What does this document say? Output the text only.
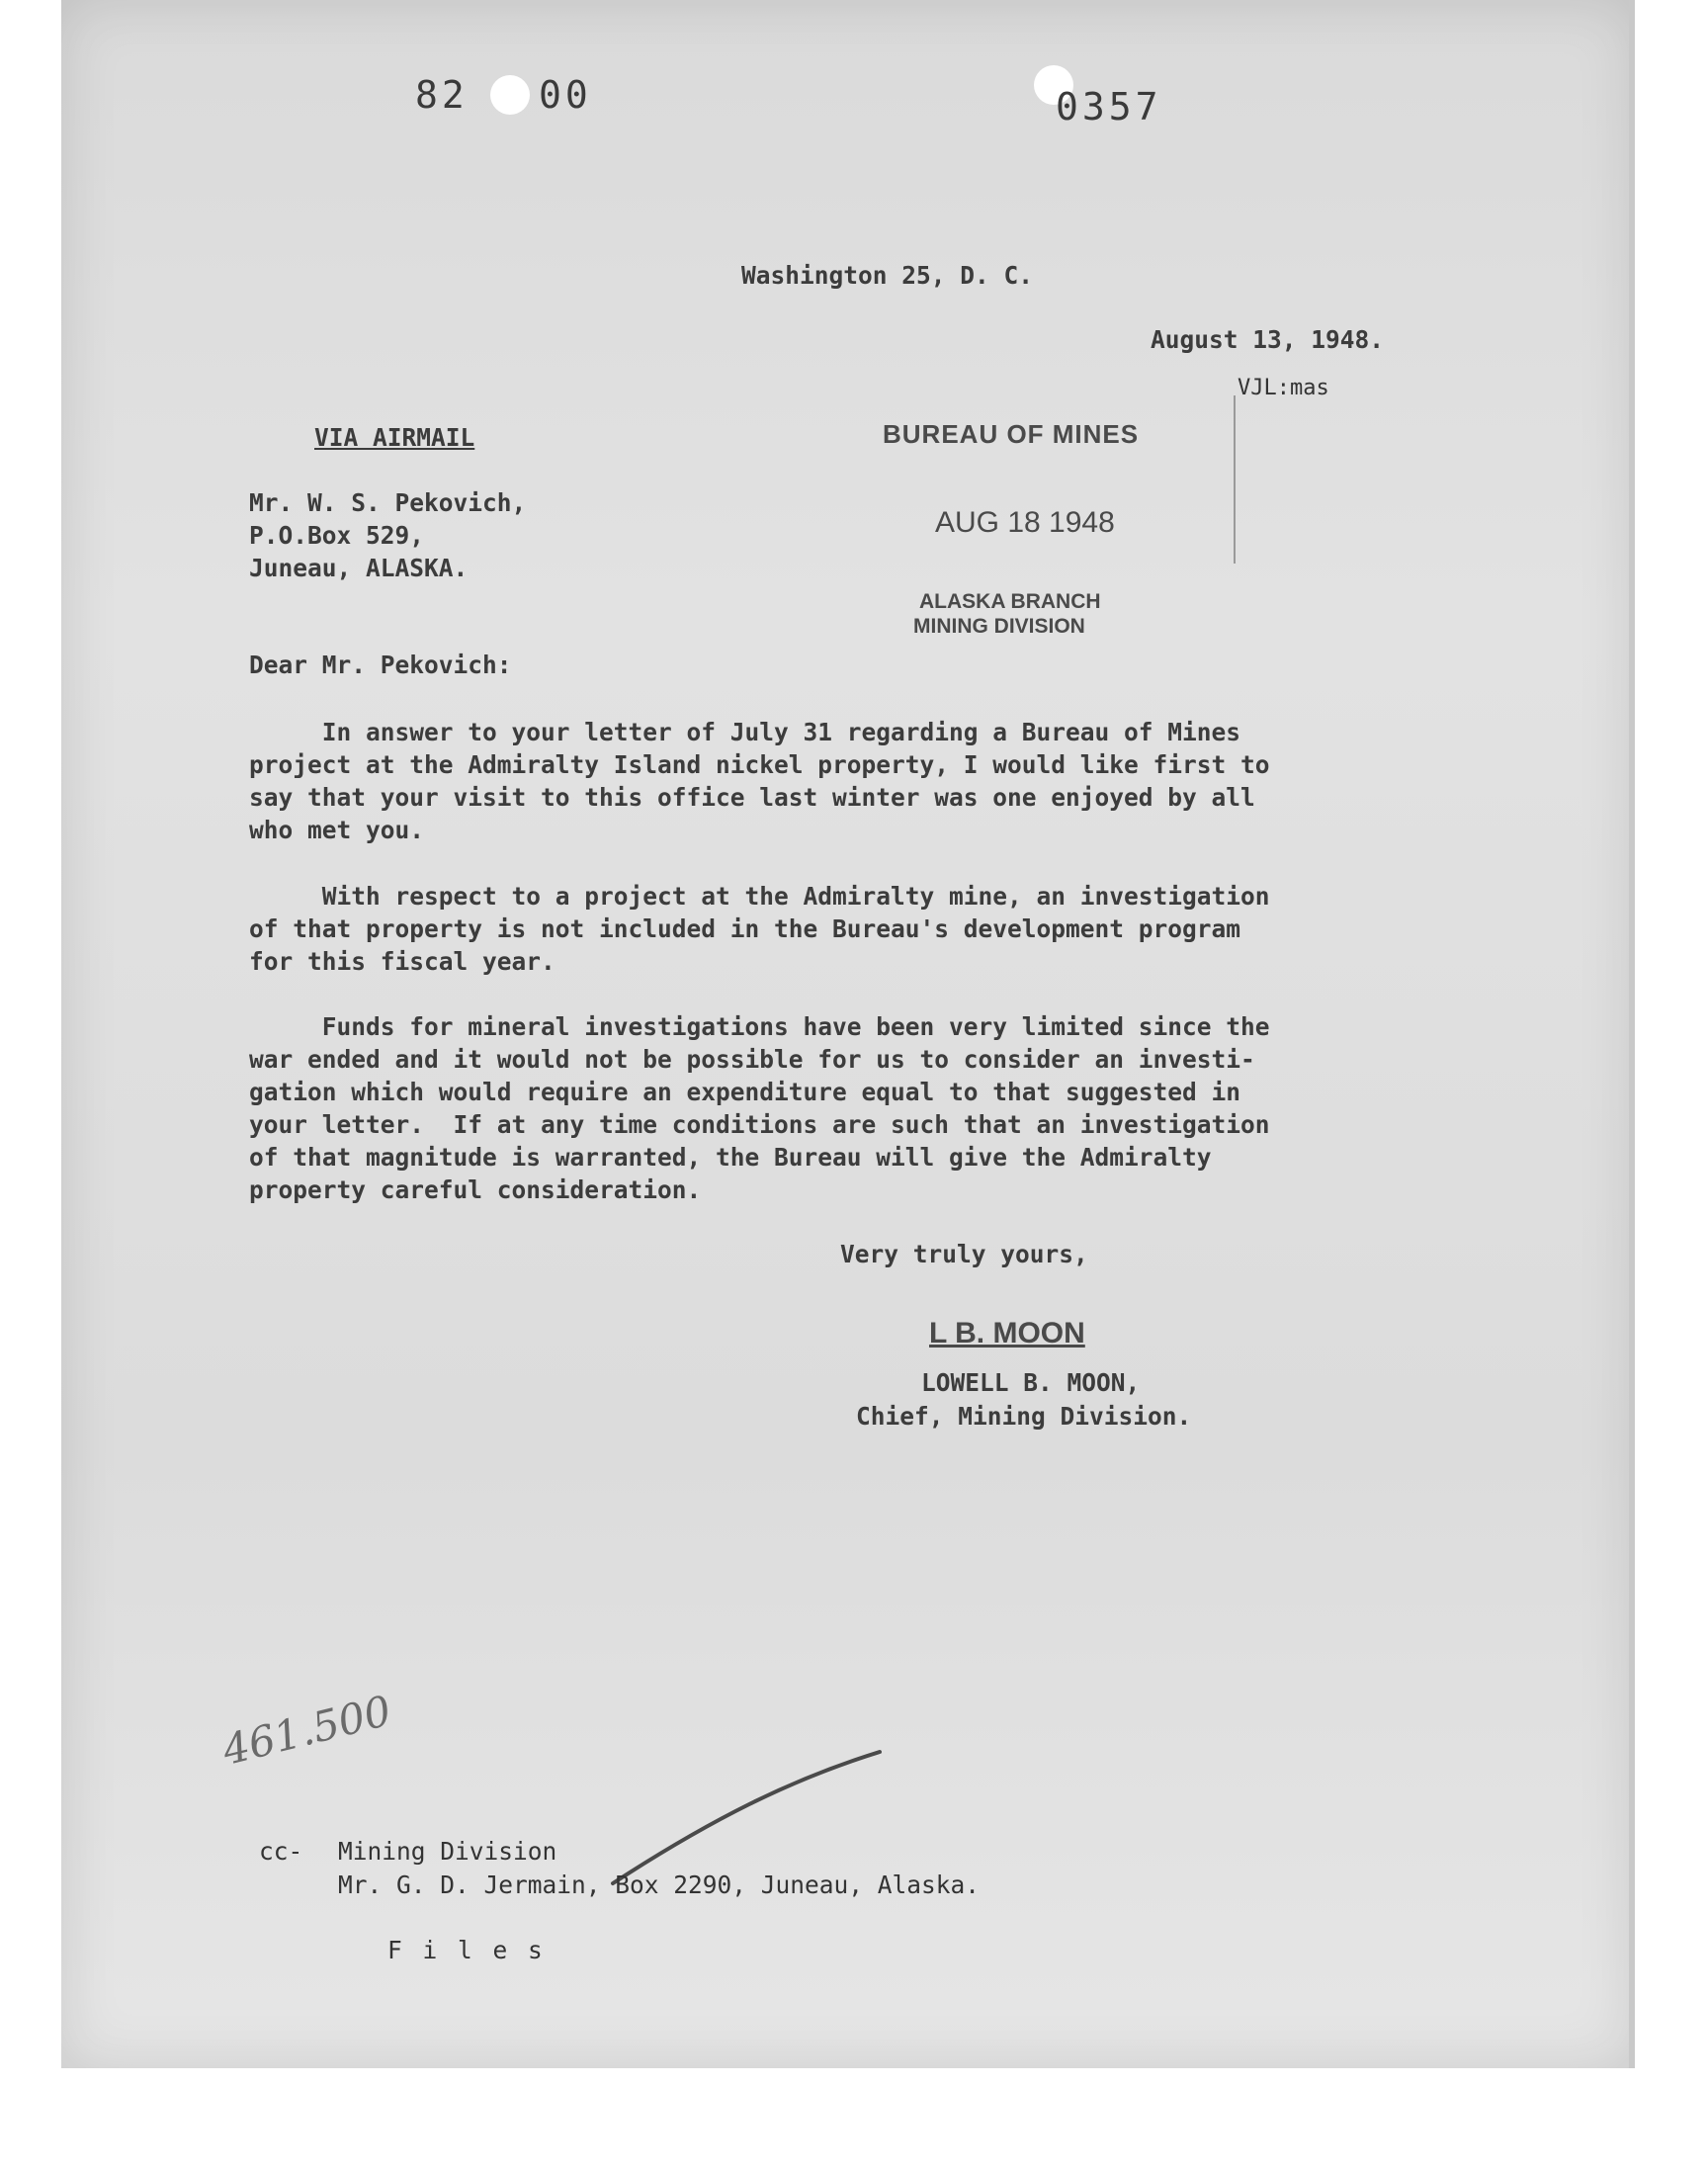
82 00	0357

Washington 25, D. C.

August 13, 1948.

VJL:mas

VIA AIRMAIL	BUREAU OF MINES

AUG 18 1948

ALASKA BRANCH

MINING DIVISION

Mr. W. S. Pekovich,

P.O.Box 529,

Juneau, ALASKA.

Dear Mr. Pekovich:

In answer to your letter of July 31 regarding a Bureau of Mines
project at the Admiralty Island nickel property, I would like first to
say that your visit to this office last winter was one enjoyed by all
who met you.

With respect to a project at the Admiralty mine, an investigation
of that property is not included in the Bureau's development program
for this fiscal year.

Funds for mineral investigations have been very limited since the
war ended and it would not be possible for us to consider an investi-
gation which would require an expenditure equal to that suggested in
your letter.  If at any time conditions are such that an investigation
of that magnitude is warranted, the Bureau will give the Admiralty
property careful consideration.

Very truly yours,

L B. MOON

LOWELL B. MOON,

Chief, Mining Division.

461.500

cc- Mining Division

Mr. G. D. Jermain, Box 2290, Juneau, Alaska.

F i l e s
